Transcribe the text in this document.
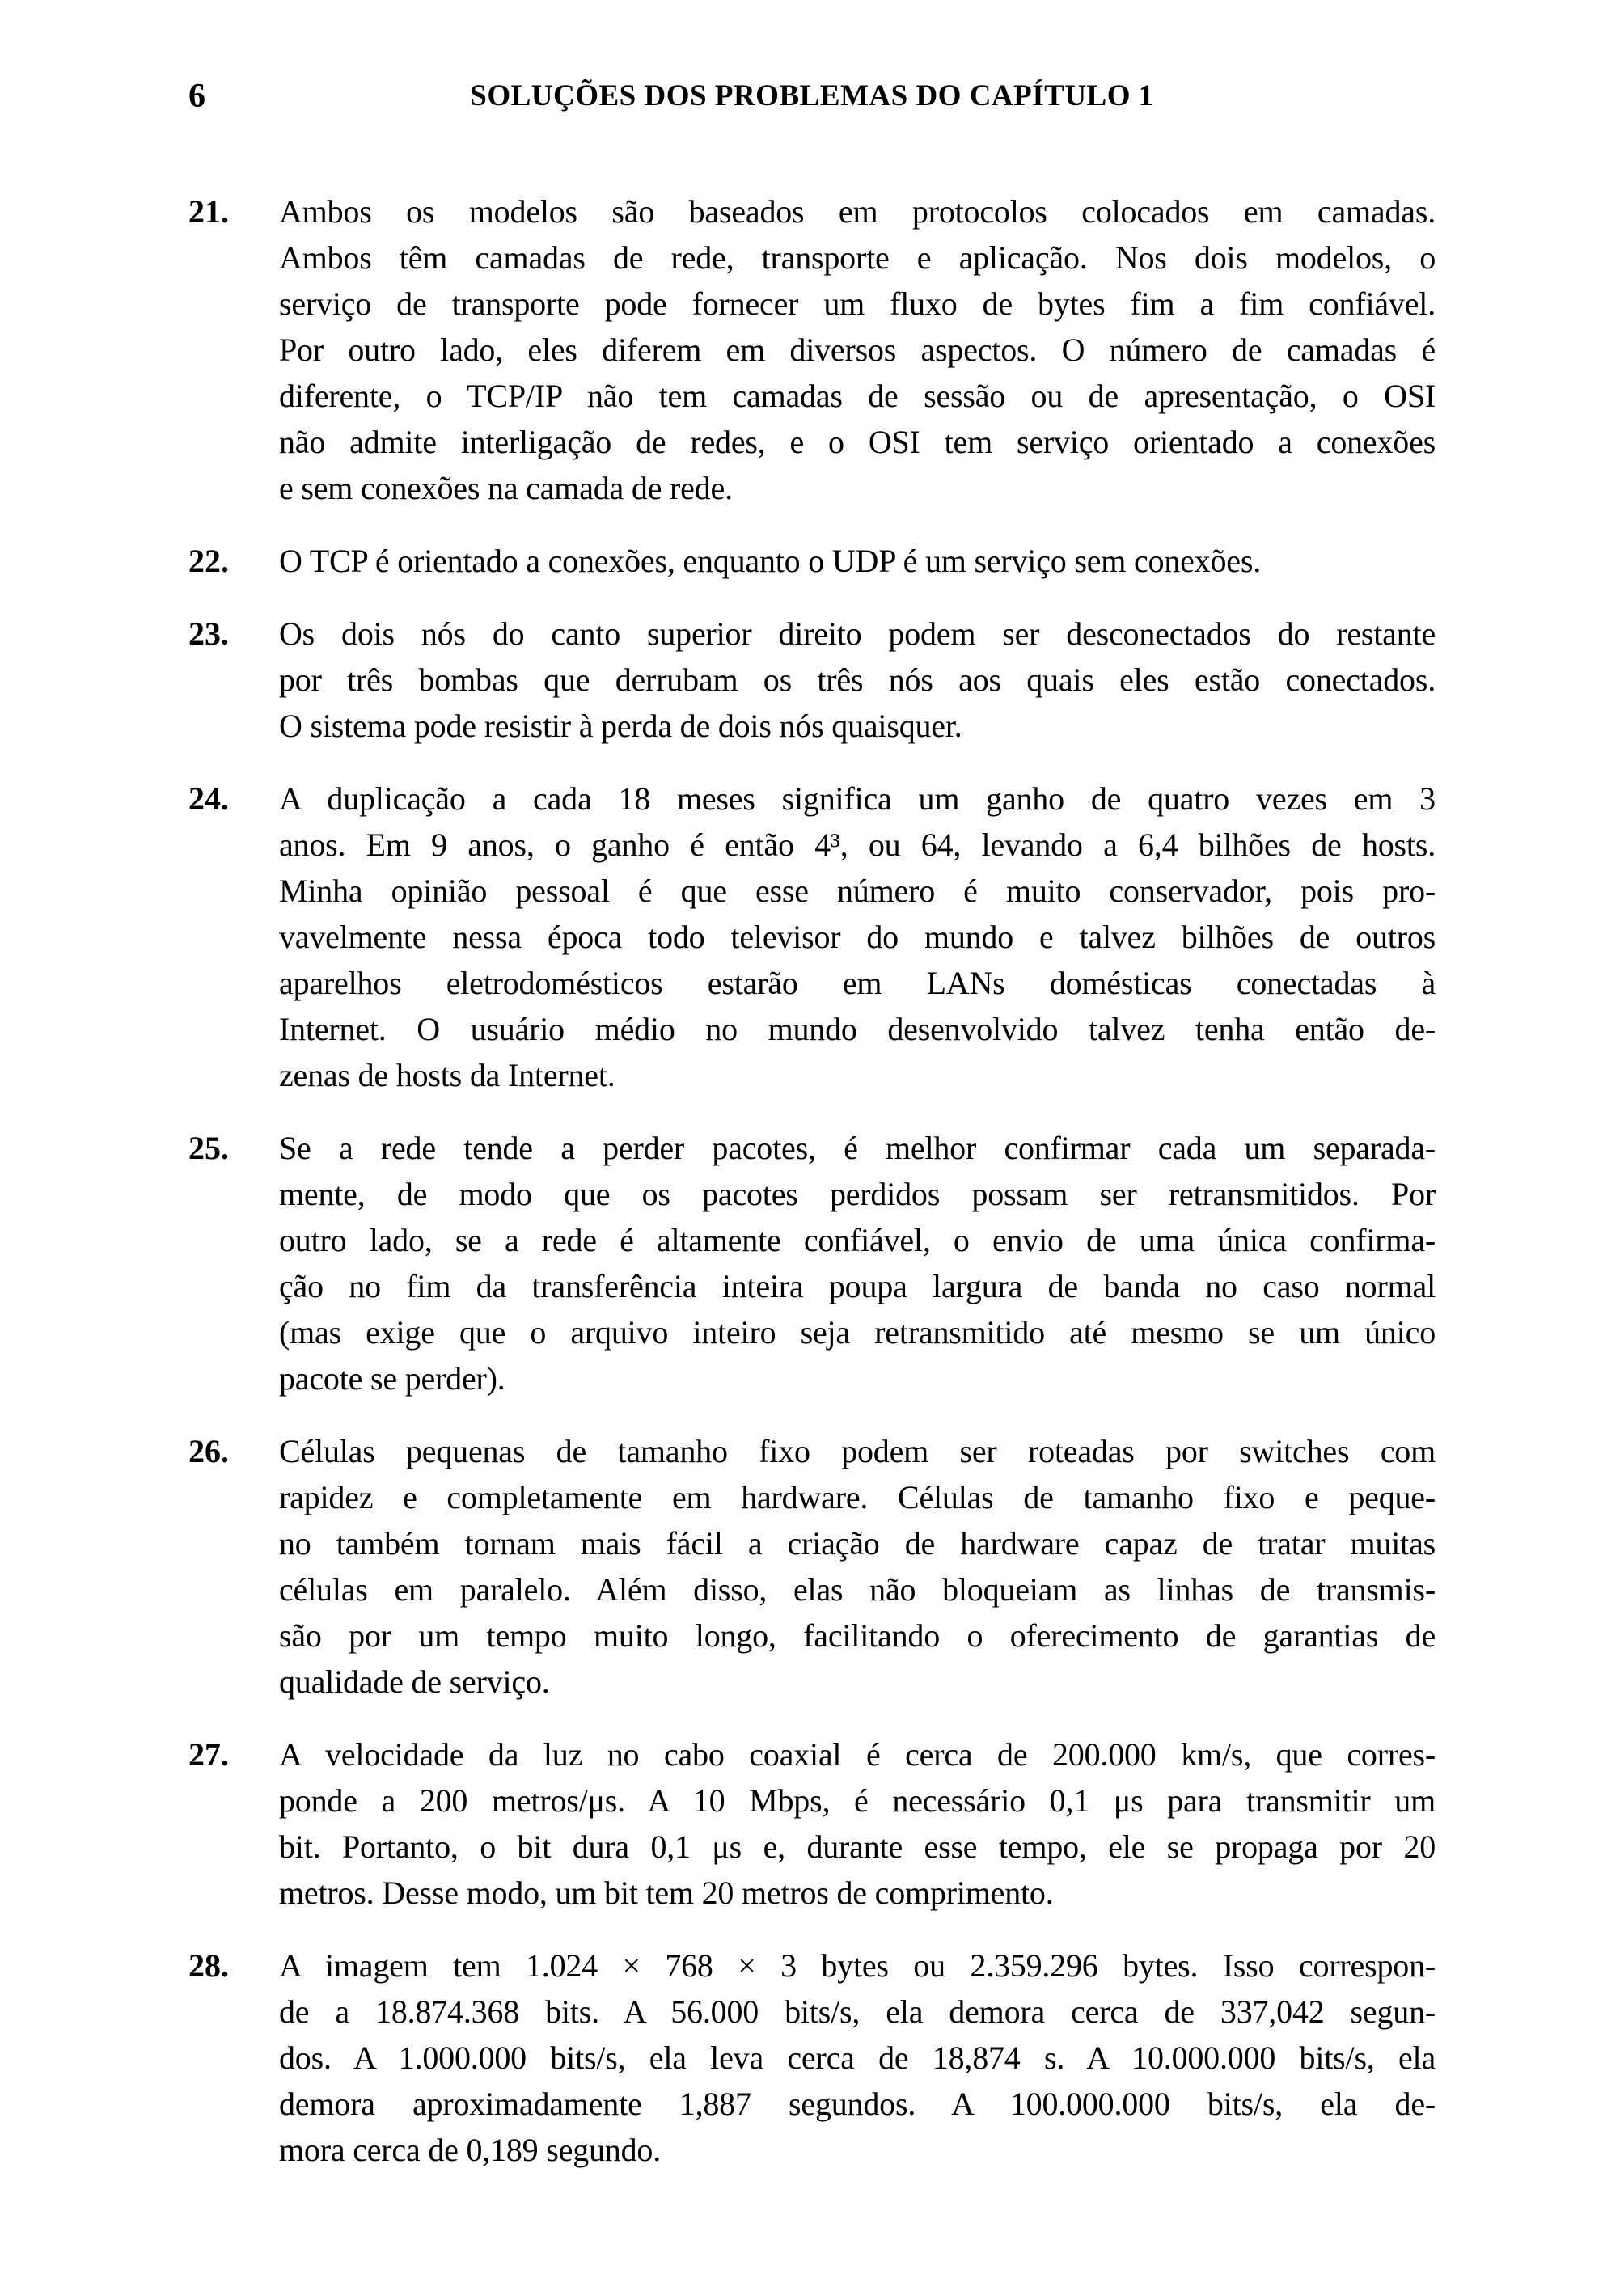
6	SOLUÇÕES DOS PROBLEMAS DO CAPÍTULO 1
21.	Ambos os modelos são baseados em protocolos colocados em camadas.
Ambos têm camadas de rede, transporte e aplicação. Nos dois modelos, o
serviço de transporte pode fornecer um fluxo de bytes fim a fim confiável.
Por outro lado, eles diferem em diversos aspectos. O número de camadas é
diferente, o TCP/IP não tem camadas de sessão ou de apresentação, o OSI
não admite interligação de redes, e o OSI tem serviço orientado a conexões
e sem conexões na camada de rede.
22.	O TCP é orientado a conexões, enquanto o UDP é um serviço sem conexões.
23.	Os dois nós do canto superior direito podem ser desconectados do restante
por três bombas que derrubam os três nós aos quais eles estão conectados.
O sistema pode resistir à perda de dois nós quaisquer.
24.	A duplicação a cada 18 meses significa um ganho de quatro vezes em 3
anos. Em 9 anos, o ganho é então 4³, ou 64, levando a 6,4 bilhões de hosts.
Minha opinião pessoal é que esse número é muito conservador, pois pro-
vavelmente nessa época todo televisor do mundo e talvez bilhões de outros
aparelhos eletrodomésticos estarão em LANs domésticas conectadas à
Internet. O usuário médio no mundo desenvolvido talvez tenha então de-
zenas de hosts da Internet.
25.	Se a rede tende a perder pacotes, é melhor confirmar cada um separada-
mente, de modo que os pacotes perdidos possam ser retransmitidos. Por
outro lado, se a rede é altamente confiável, o envio de uma única confirma-
ção no fim da transferência inteira poupa largura de banda no caso normal
(mas exige que o arquivo inteiro seja retransmitido até mesmo se um único
pacote se perder).
26.	Células pequenas de tamanho fixo podem ser roteadas por switches com
rapidez e completamente em hardware. Células de tamanho fixo e peque-
no também tornam mais fácil a criação de hardware capaz de tratar muitas
células em paralelo. Além disso, elas não bloqueiam as linhas de transmis-
são por um tempo muito longo, facilitando o oferecimento de garantias de
qualidade de serviço.
27.	A velocidade da luz no cabo coaxial é cerca de 200.000 km/s, que corres-
ponde a 200 metros/μs. A 10 Mbps, é necessário 0,1 μs para transmitir um
bit. Portanto, o bit dura 0,1 μs e, durante esse tempo, ele se propaga por 20
metros. Desse modo, um bit tem 20 metros de comprimento.
28.	A imagem tem 1.024 × 768 × 3 bytes ou 2.359.296 bytes. Isso correspon-
de a 18.874.368 bits. A 56.000 bits/s, ela demora cerca de 337,042 segun-
dos. A 1.000.000 bits/s, ela leva cerca de 18,874 s. A 10.000.000 bits/s, ela
demora aproximadamente 1,887 segundos. A 100.000.000 bits/s, ela de-
mora cerca de 0,189 segundo.
